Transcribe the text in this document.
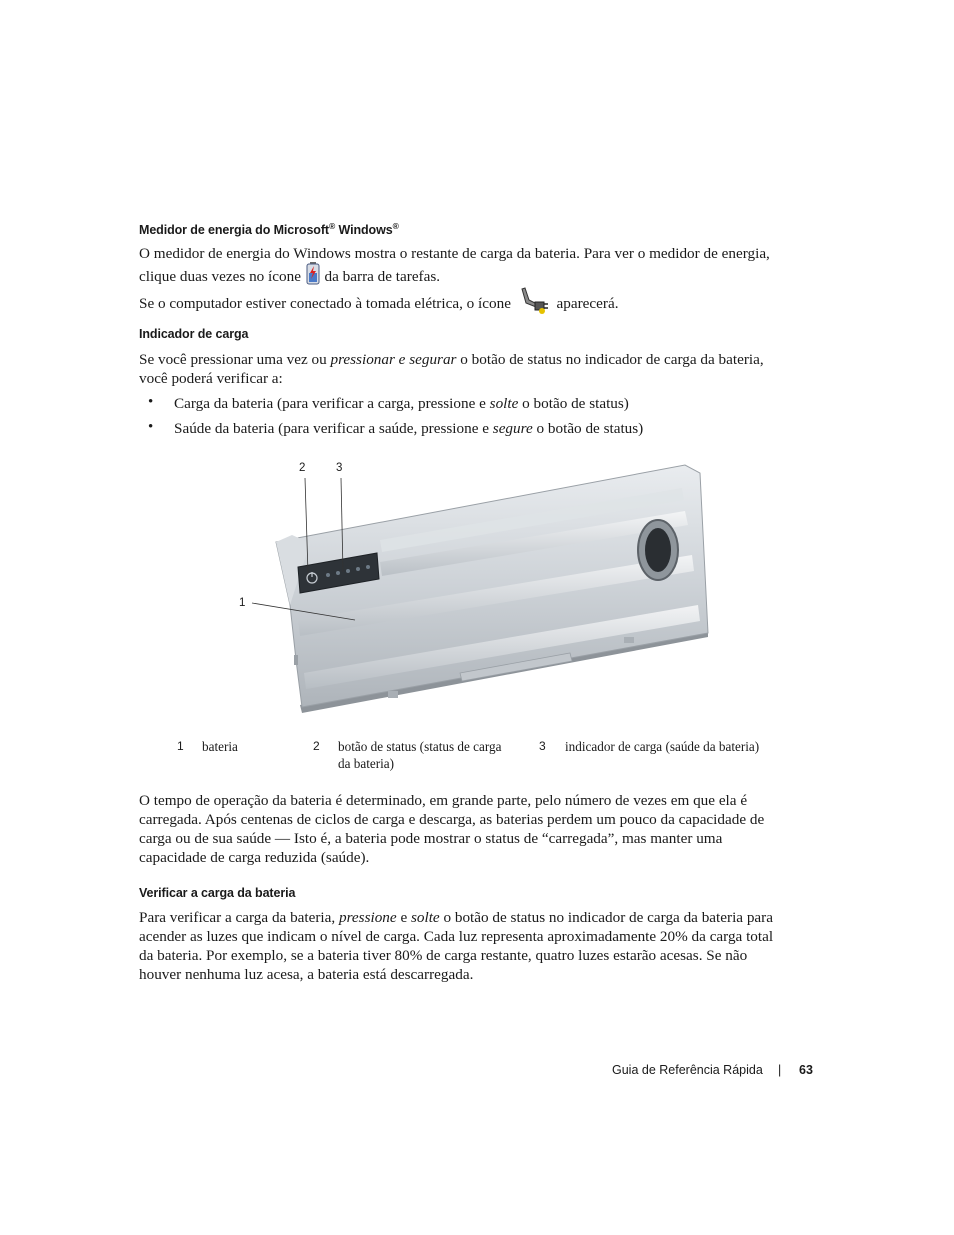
Medidor de energia do Microsoft® Windows®
O medidor de energia do Windows mostra o restante de carga da bateria. Para ver o medidor de energia,
clique duas vezes no ícone da barra de tarefas.
Se o computador estiver conectado à tomada elétrica, o ícone	aparecerá.
Indicador de carga
Se você pressionar uma vez ou pressionar e segurar o botão de status no indicador de carga da bateria,
você poderá verificar a:
• Carga da bateria (para verificar a carga, pressione e solte o botão de status)
• Saúde da bateria (para verificar a saúde, pressione e segure o botão de status)
2	3
1
1 bateria	2 botão de status (status de carga
da bateria)
3 indicador de carga (saúde da bateria)
O tempo de operação da bateria é determinado, em grande parte, pelo número de vezes em que ela é
carregada. Após centenas de ciclos de carga e descarga, as baterias perdem um pouco da capacidade de
carga ou de sua saúde — Isto é, a bateria pode mostrar o status de “carregada”, mas manter uma
capacidade de carga reduzida (saúde).
Verificar a carga da bateria
Para verificar a carga da bateria, pressione e solte o botão de status no indicador de carga da bateria para
acender as luzes que indicam o nível de carga. Cada luz representa aproximadamente 20% da carga total
da bateria. Por exemplo, se a bateria tiver 80% de carga restante, quatro luzes estarão acesas. Se não
houver nenhuma luz acesa, a bateria está descarregada.
Guia de Referência Rápida | 63
